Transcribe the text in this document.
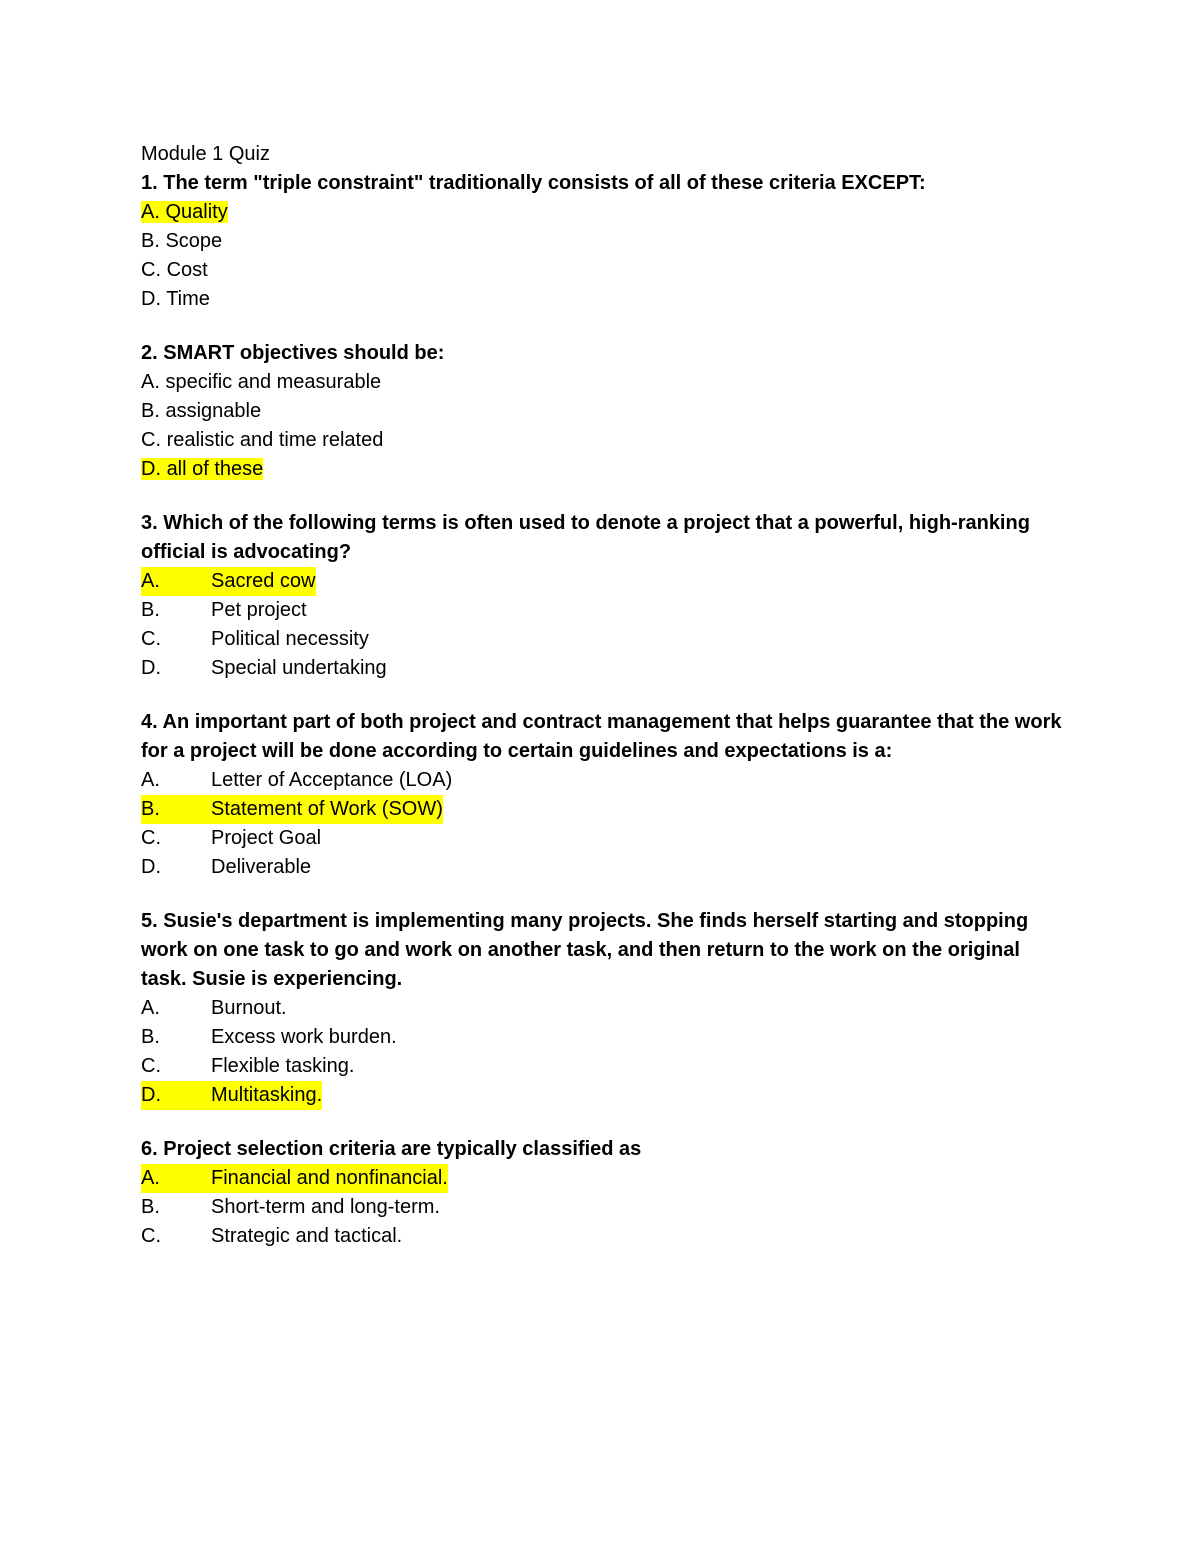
Module 1 Quiz

1. The term "triple constraint" traditionally consists of all of these criteria EXCEPT:

A. Quality
B. Scope
C. Cost
D. Time

2. SMART objectives should be:

A. specific and measurable
B. assignable
C. realistic and time related
D. all of these

3. Which of the following terms is often used to denote a project that a powerful, high-ranking official is advocating?

A.	Sacred cow
B.	Pet project
C.	Political necessity
D.	Special undertaking

4. An important part of both project and contract management that helps guarantee that the work for a project will be done according to certain guidelines and expectations is a:

A.	Letter of Acceptance (LOA)
B.	Statement of Work (SOW)
C.	Project Goal
D.	Deliverable

5. Susie's department is implementing many projects. She finds herself starting and stopping work on one task to go and work on another task, and then return to the work on the original task. Susie is experiencing.

A.	Burnout.
B.	Excess work burden.
C.	Flexible tasking.
D.	Multitasking.

6. Project selection criteria are typically classified as

A.	Financial and nonfinancial.
B.	Short-term and long-term.
C.	Strategic and tactical.
